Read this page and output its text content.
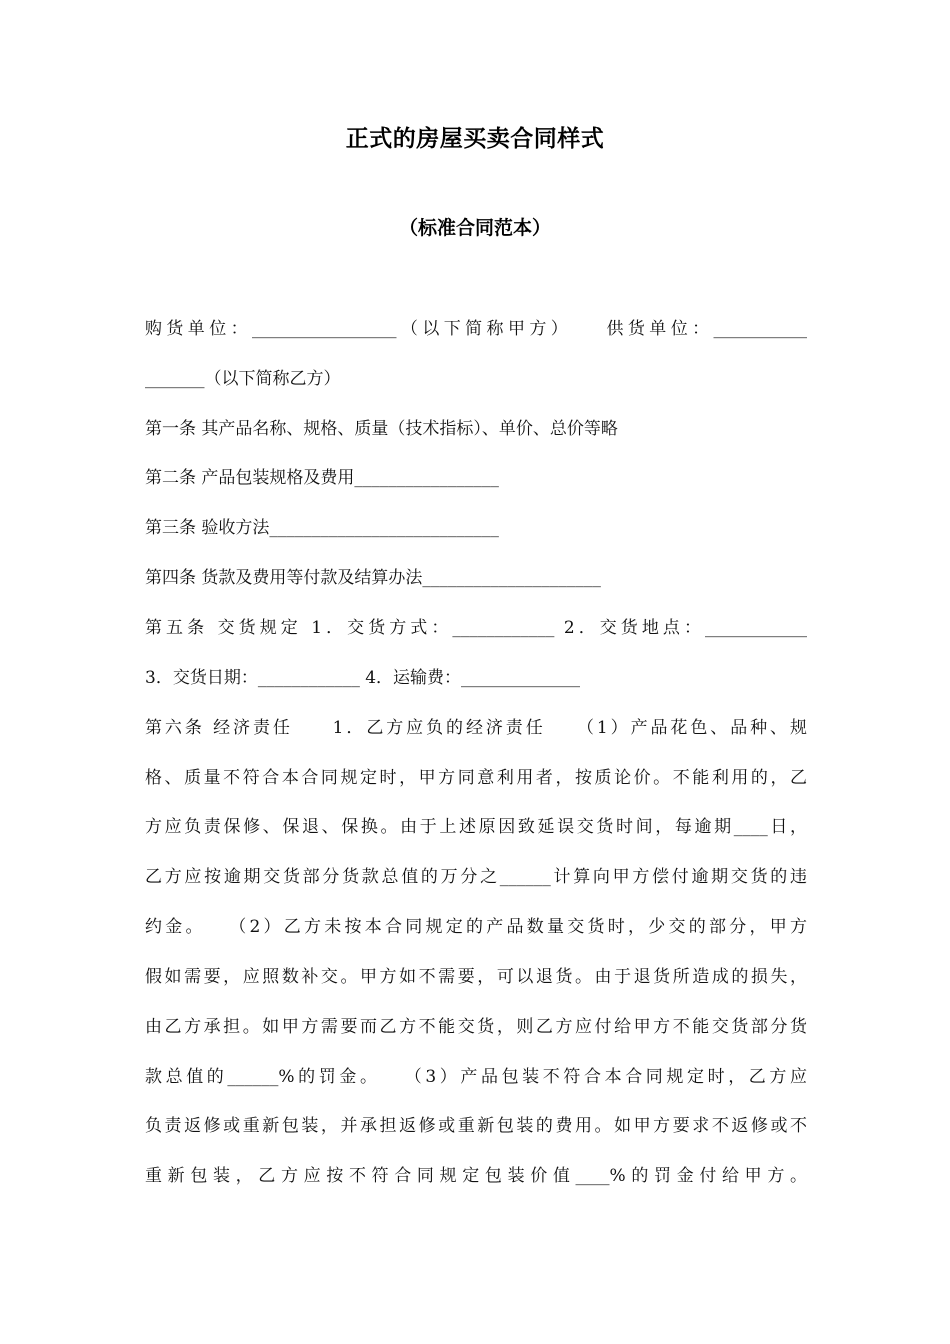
正式的房屋买卖合同样式
（标准合同范本）
购货单位：_________________（以下简称甲方）　　供货单位：___________
_______（以下简称乙方）
第一条 其产品名称、规格、质量（技术指标）、单价、总价等略
第二条 产品包装规格及费用_________________
第三条 验收方法___________________________
第四条 货款及费用等付款及结算办法_____________________
第五条 交货规定 1．交货方式：____________ 2．交货地点：____________
3．交货日期：____________ 4．运输费：______________
第六条 经济责任　　1．乙方应负的经济责任　　（1）产品花色、品种、规
格、质量不符合本合同规定时，甲方同意利用者，按质论价。不能利用的，乙
方应负责保修、保退、保换。由于上述原因致延误交货时间，每逾期____日，
乙方应按逾期交货部分货款总值的万分之______计算向甲方偿付逾期交货的违
约金。　　（2）乙方未按本合同规定的产品数量交货时，少交的部分，甲方
假如需要，应照数补交。甲方如不需要，可以退货。由于退货所造成的损失，
由乙方承担。如甲方需要而乙方不能交货，则乙方应付给甲方不能交货部分货
款总值的______%的罚金。　　（3）产品包装不符合本合同规定时，乙方应
负责返修或重新包装，并承担返修或重新包装的费用。如甲方要求不返修或不
重新包装，乙方应按不符合同规定包装价值____%的罚金付给甲方。
